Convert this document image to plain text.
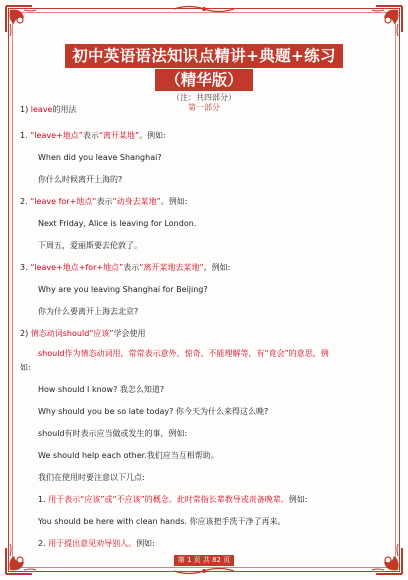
初中英语语法知识点精讲+典题+练习
（精华版）
（注：共四部分）
第一部分
1) leave的用法
1. “leave+地点”表示“离开某地”。例如:
When did you leave Shanghai?
你什么时候离开上海的?
2. “leave for+地点”表示“动身去某地”。例如:
Next Friday, Alice is leaving for London.
下周五，爱丽斯要去伦敦了。
3. “leave+地点+for+地点”表示“离开某地去某地”。例如:
Why are you leaving Shanghai for Beijing?
你为什么要离开上海去北京?
2) 情态动词should“应该”学会使用
should作为情态动词用，常常表示意外、惊奇、不能理解等，有“竟会”的意思，例
如:
How should I know? 我怎么知道?
Why should you be so late today? 你今天为什么来得这么晚?
should有时表示应当做或发生的事，例如:
We should help each other.我们应当互相帮助。
我们在使用时要注意以下几点:
1. 用于表示“应该”或“不应该”的概念。此时常指长辈教导或责备晚辈。例如:
You should be here with clean hands. 你应该把手洗干净了再来。
2. 用于提出意见劝导别人。例如:
第 1 页 共 82 页
